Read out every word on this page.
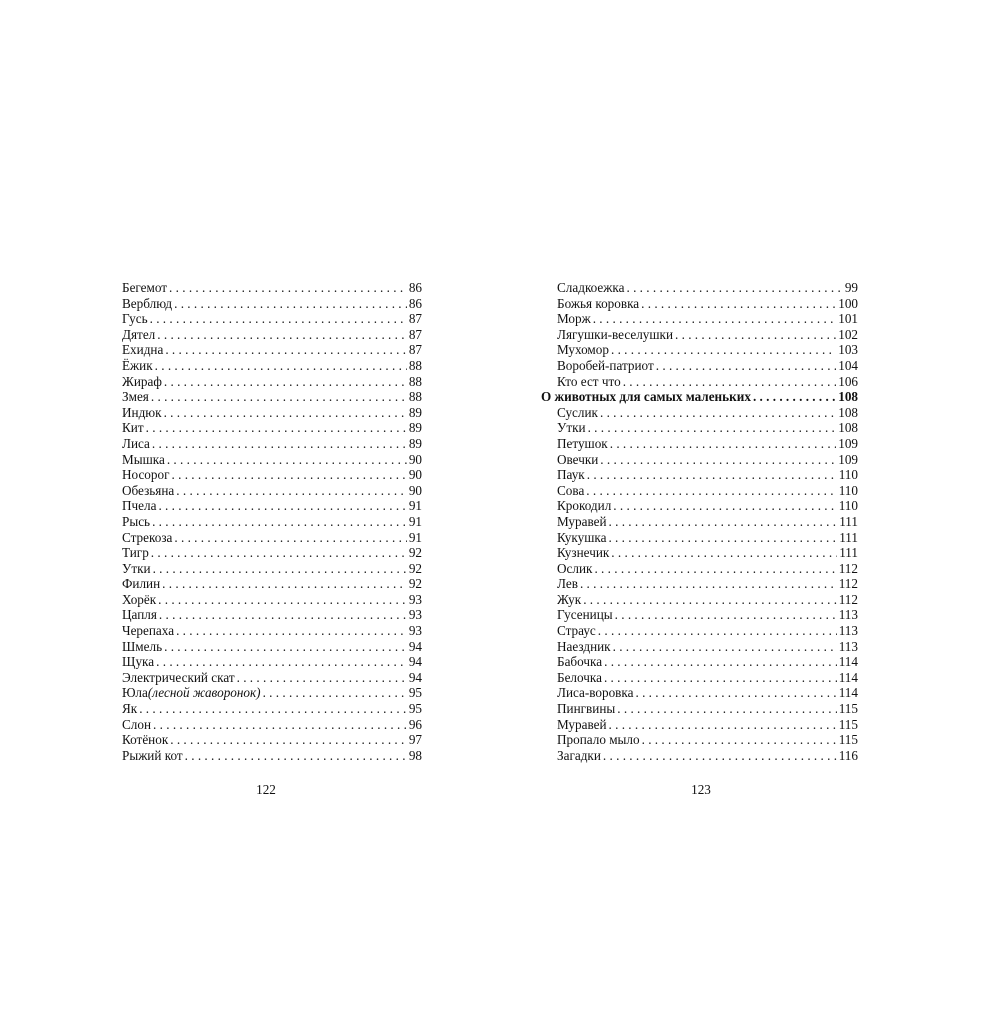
Бегемот . . .	86
Верблюд . . .	86
Гусь . . .	87
Дятел . . .	87
Ехидна . . .	87
Ёжик . . .	88
Жираф . . .	88
Змея . . .	88
Индюк . . .	89
Кит . . .	89
Лиса . . .	89
Мышка . . .	90
Носорог . . .	90
Обезьяна . . .	90
Пчела . . .	91
Рысь . . .	91
Стрекоза . . .	91
Тигр . . .	92
Утки . . .	92
Филин . . .	92
Хорёк . . .	93
Цапля . . .	93
Черепаха . . .	93
Шмель . . .	94
Щука . . .	94
Электрический скат . . .	94
Юла (лесной жаворонок) . . .	95
Як . . .	95
Слон . . .	96
Котёнок . . .	97
Рыжий кот . . .	98
Сладкоежка . . .	99
Божья коровка . . .	100
Морж . . .	101
Лягушки-веселушки . . .	102
Мухомор . . .	103
Воробей-патриот . . .	104
Кто ест что . . .	106
О животных для самых маленьких . . .	108
Суслик . . .	108
Утки . . .	108
Петушок . . .	109
Овечки . . .	109
Паук . . .	110
Сова . . .	110
Крокодил . . .	110
Муравей . . .	111
Кукушка . . .	111
Кузнечик . . .	111
Ослик . . .	112
Лев . . .	112
Жук . . .	112
Гусеницы . . .	113
Страус . . .	113
Наездник . . .	113
Бабочка . . .	114
Белочка . . .	114
Лиса-воровка . . .	114
Пингвины . . .	115
Муравей . . .	115
Пропало мыло . . .	115
Загадки . . .	116
122	123
